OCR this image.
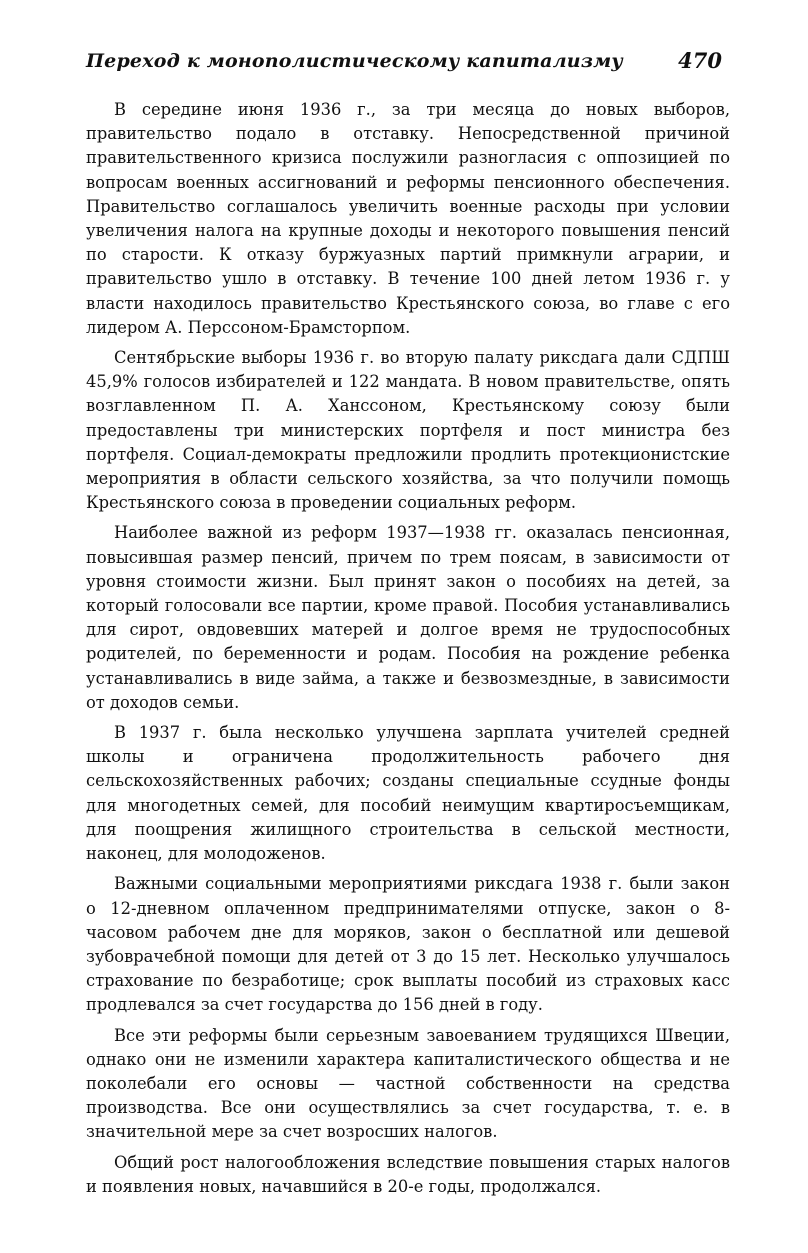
Переход к монополистическому капитализму	470

В середине июня 1936 г., за три месяца до новых выборов, правительство подало в отставку. Непосредственной причиной правительственного кризиса послужили разногласия с оппозицией по вопросам военных ассигнований и реформы пенсионного обеспечения. Правительство соглашалось увеличить военные расходы при условии увеличения налога на крупные доходы и некоторого повышения пенсий по старости. К отказу буржуазных партий примкнули аграрии, и правительство ушло в отставку. В течение 100 дней летом 1936 г. у власти находилось правительство Крестьянского союза, во главе с его лидером А. Перссоном-Брамсторпом.

Сентябрьские выборы 1936 г. во вторую палату риксдага дали СДПШ 45,9% голосов избирателей и 122 мандата. В новом правительстве, опять возглавленном П. А. Ханссоном, Крестьянскому союзу были предоставлены три министерских портфеля и пост министра без портфеля. Социал-демократы предложили продлить протекционистские мероприятия в области сельского хозяйства, за что получили помощь Крестьянского союза в проведении социальных реформ.

Наиболее важной из реформ 1937—1938 гг. оказалась пенсионная, повысившая размер пенсий, причем по трем поясам, в зависимости от уровня стоимости жизни. Был принят закон о пособиях на детей, за который голосовали все партии, кроме правой. Пособия устанавливались для сирот, овдовевших матерей и долгое время не трудоспособных родителей, по беременности и родам. Пособия на рождение ребенка устанавливались в виде займа, а также и безвозмездные, в зависимости от доходов семьи.

В 1937 г. была несколько улучшена зарплата учителей средней школы и ограничена продолжительность рабочего дня сельскохозяйственных рабочих; созданы специальные ссудные фонды для многодетных семей, для пособий неимущим квартиросъемщикам, для поощрения жилищного строительства в сельской местности, наконец, для молодоженов.

Важными социальными мероприятиями риксдага 1938 г. были закон о 12-дневном оплаченном предпринимателями отпуске, закон о 8-часовом рабочем дне для моряков, закон о бесплатной или дешевой зубоврачебной помощи для детей от 3 до 15 лет. Несколько улучшалось страхование по безработице; срок выплаты пособий из страховых касс продлевался за счет государства до 156 дней в году.

Все эти реформы были серьезным завоеванием трудящихся Швеции, однако они не изменили характера капиталистического общества и не поколебали его основы — частной собственности на средства производства. Все они осуществлялись за счет государства, т. е. в значительной мере за счет возросших налогов.

Общий рост налогообложения вследствие повышения старых налогов и появления новых, начавшийся в 20-е годы, продолжался.
